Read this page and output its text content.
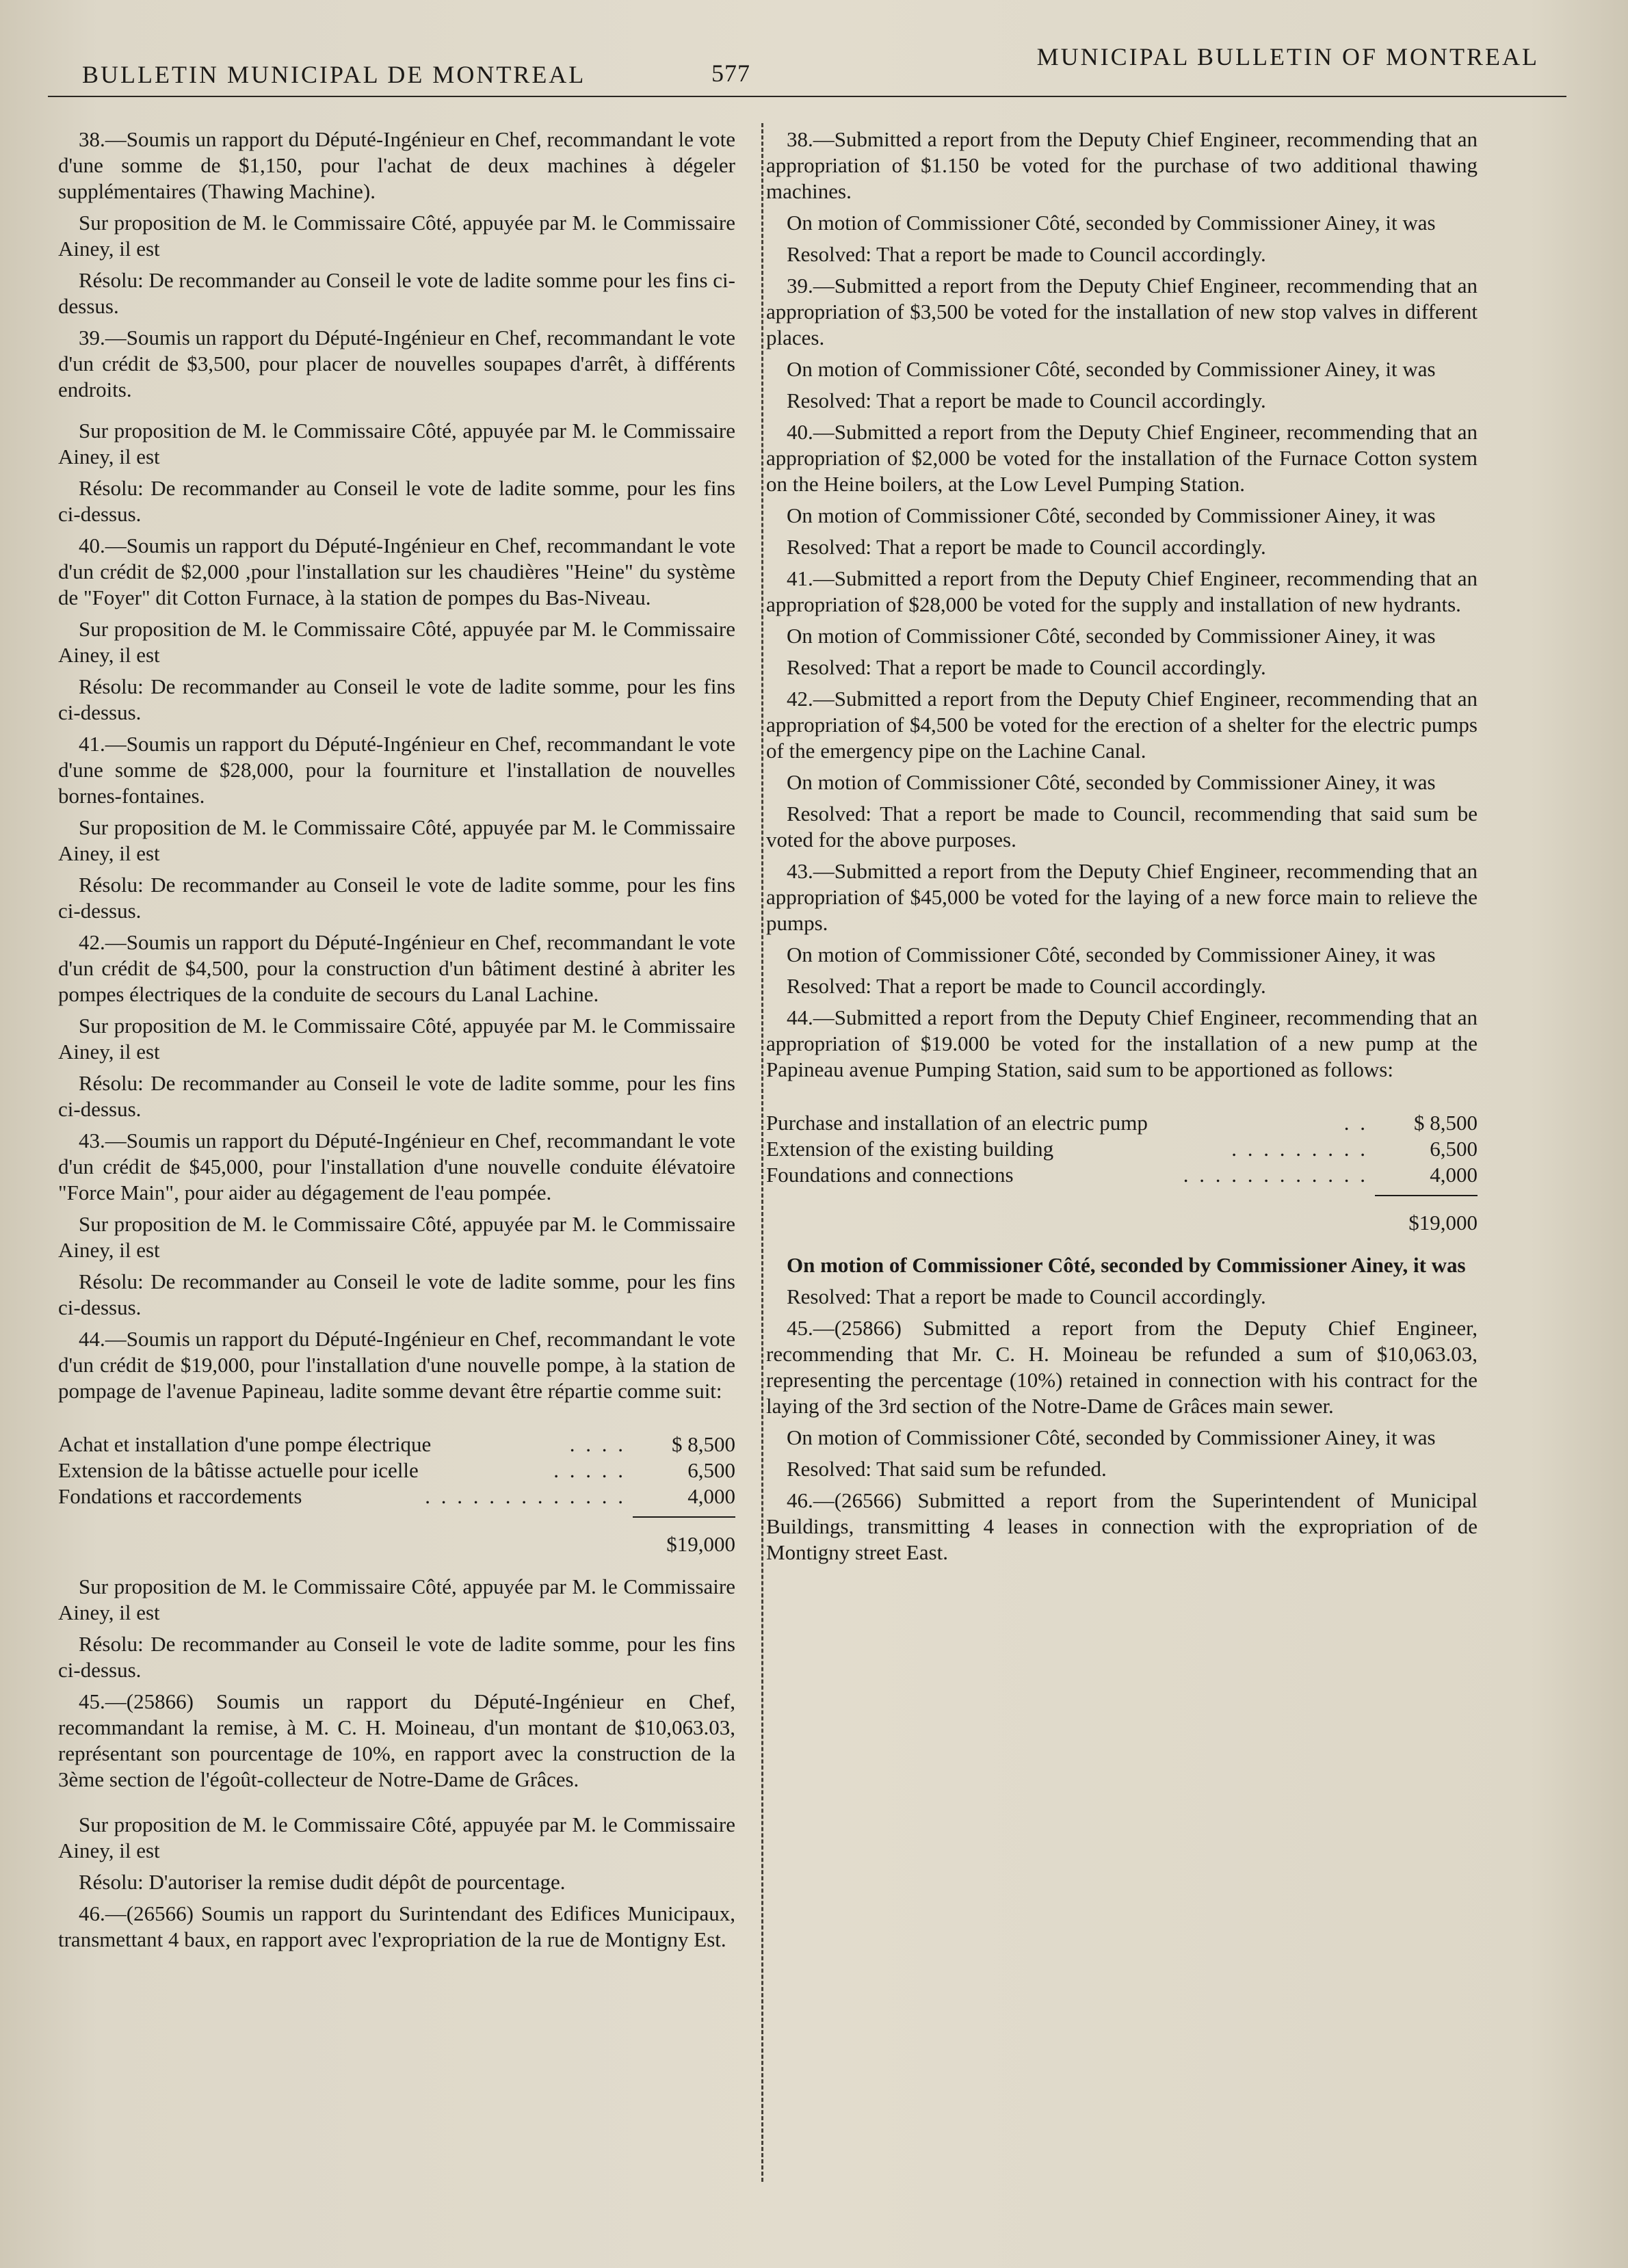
BULLETIN MUNICIPAL DE MONTREAL	577
MUNICIPAL BULLETIN OF MONTREAL

38.—Soumis un rapport du Député-Ingénieur en Chef, recommandant le vote d'une somme de $1,150, pour l'achat de deux machines à dégeler supplémentaires (Thawing Machine).

Sur proposition de M. le Commissaire Côté, appuyée par M. le Commissaire Ainey, il est

Résolu: De recommander au Conseil le vote de ladite somme pour les fins ci-dessus.

39.—Soumis un rapport du Député-Ingénieur en Chef, recommandant le vote d'un crédit de $3,500, pour placer de nouvelles soupapes d'arrêt, à différents endroits.

Sur proposition de M. le Commissaire Côté, appuyée par M. le Commissaire Ainey, il est

Résolu: De recommander au Conseil le vote de ladite somme, pour les fins ci-dessus.

40.—Soumis un rapport du Député-Ingénieur en Chef, recommandant le vote d'un crédit de $2,000 ,pour l'installation sur les chaudières "Heine" du système de "Foyer" dit Cotton Furnace, à la station de pompes du Bas-Niveau.

Sur proposition de M. le Commissaire Côté, appuyée par M. le Commissaire Ainey, il est

Résolu: De recommander au Conseil le vote de ladite somme, pour les fins ci-dessus.

41.—Soumis un rapport du Député-Ingénieur en Chef, recommandant le vote d'une somme de $28,000, pour la fourniture et l'installation de nouvelles bornes-fontaines.

Sur proposition de M. le Commissaire Côté, appuyée par M. le Commissaire Ainey, il est

Résolu: De recommander au Conseil le vote de ladite somme, pour les fins ci-dessus.

42.—Soumis un rapport du Député-Ingénieur en Chef, recommandant le vote d'un crédit de $4,500, pour la construction d'un bâtiment destiné à abriter les pompes électriques de la conduite de secours du Lanal Lachine.

Sur proposition de M. le Commissaire Côté, appuyée par M. le Commissaire Ainey, il est

Résolu: De recommander au Conseil le vote de ladite somme, pour les fins ci-dessus.

43.—Soumis un rapport du Député-Ingénieur en Chef, recommandant le vote d'un crédit de $45,000, pour l'installation d'une nouvelle conduite élévatoire "Force Main", pour aider au dégagement de l'eau pompée.

Sur proposition de M. le Commissaire Côté, appuyée par M. le Commissaire Ainey, il est

Résolu: De recommander au Conseil le vote de ladite somme, pour les fins ci-dessus.

44.—Soumis un rapport du Député-Ingénieur en Chef, recommandant le vote d'un crédit de $19,000, pour l'installation d'une nouvelle pompe, à la station de pompage de l'avenue Papineau, ladite somme devant être répartie comme suit:

Achat et installation d'une pompe électrique	. . . .	$ 8,500
Extension de la bâtisse actuelle pour icelle	. . . . .	6,500
Fondations et raccordements	. . . . . . . . . . . . .	4,000
$19,000

Sur proposition de M. le Commissaire Côté, appuyée par M. le Commissaire Ainey, il est

Résolu: De recommander au Conseil le vote de ladite somme, pour les fins ci-dessus.

45.—(25866) Soumis un rapport du Député-Ingénieur en Chef, recommandant la remise, à M. C. H. Moineau, d'un montant de $10,063.03, représentant son pourcentage de 10%, en rapport avec la construction de la 3ème section de l'égoût-collecteur de Notre-Dame de Grâces.

Sur proposition de M. le Commissaire Côté, appuyée par M. le Commissaire Ainey, il est

Résolu: D'autoriser la remise dudit dépôt de pourcentage.

46.—(26566) Soumis un rapport du Surintendant des Edifices Municipaux, transmettant 4 baux, en rapport avec l'expropriation de la rue de Montigny Est.

38.—Submitted a report from the Deputy Chief Engineer, recommending that an appropriation of $1.150 be voted for the purchase of two additional thawing machines.

On motion of Commissioner Côté, seconded by Commissioner Ainey, it was

Resolved: That a report be made to Council accordingly.

39.—Submitted a report from the Deputy Chief Engineer, recommending that an appropriation of $3,500 be voted for the installation of new stop valves in different places.

On motion of Commissioner Côté, seconded by Commissioner Ainey, it was

Resolved: That a report be made to Council accordingly.

40.—Submitted a report from the Deputy Chief Engineer, recommending that an appropriation of $2,000 be voted for the installation of the Furnace Cotton system on the Heine boilers, at the Low Level Pumping Station.

On motion of Commissioner Côté, seconded by Commissioner Ainey, it was

Resolved: That a report be made to Council accordingly.

41.—Submitted a report from the Deputy Chief Engineer, recommending that an appropriation of $28,000 be voted for the supply and installation of new hydrants.

On motion of Commissioner Côté, seconded by Commissioner Ainey, it was

Resolved: That a report be made to Council accordingly.

42.—Submitted a report from the Deputy Chief Engineer, recommending that an appropriation of $4,500 be voted for the erection of a shelter for the electric pumps of the emergency pipe on the Lachine Canal.

On motion of Commissioner Côté, seconded by Commissioner Ainey, it was

Resolved: That a report be made to Council, recommending that said sum be voted for the above purposes.

43.—Submitted a report from the Deputy Chief Engineer, recommending that an appropriation of $45,000 be voted for the laying of a new force main to relieve the pumps.

On motion of Commissioner Côté, seconded by Commissioner Ainey, it was

Resolved: That a report be made to Council accordingly.

44.—Submitted a report from the Deputy Chief Engineer, recommending that an appropriation of $19.000 be voted for the installation of a new pump at the Papineau avenue Pumping Station, said sum to be apportioned as follows:

Purchase and installation of an electric pump	. .	$ 8,500
Extension of the existing building	. . . . . . . . .	6,500
Foundations and connections	. . . . . . . . . . . .	4,000
$19,000

On motion of Commissioner Côté, seconded by Commissioner Ainey, it was

Resolved: That a report be made to Council accordingly.

45.—(25866) Submitted a report from the Deputy Chief Engineer, recommending that Mr. C. H. Moineau be refunded a sum of $10,063.03, representing the percentage (10%) retained in connection with his contract for the laying of the 3rd section of the Notre-Dame de Grâces main sewer.

On motion of Commissioner Côté, seconded by Commissioner Ainey, it was

Resolved: That said sum be refunded.

46.—(26566) Submitted a report from the Superintendent of Municipal Buildings, transmitting 4 leases in connection with the expropriation of de Montigny street East.
